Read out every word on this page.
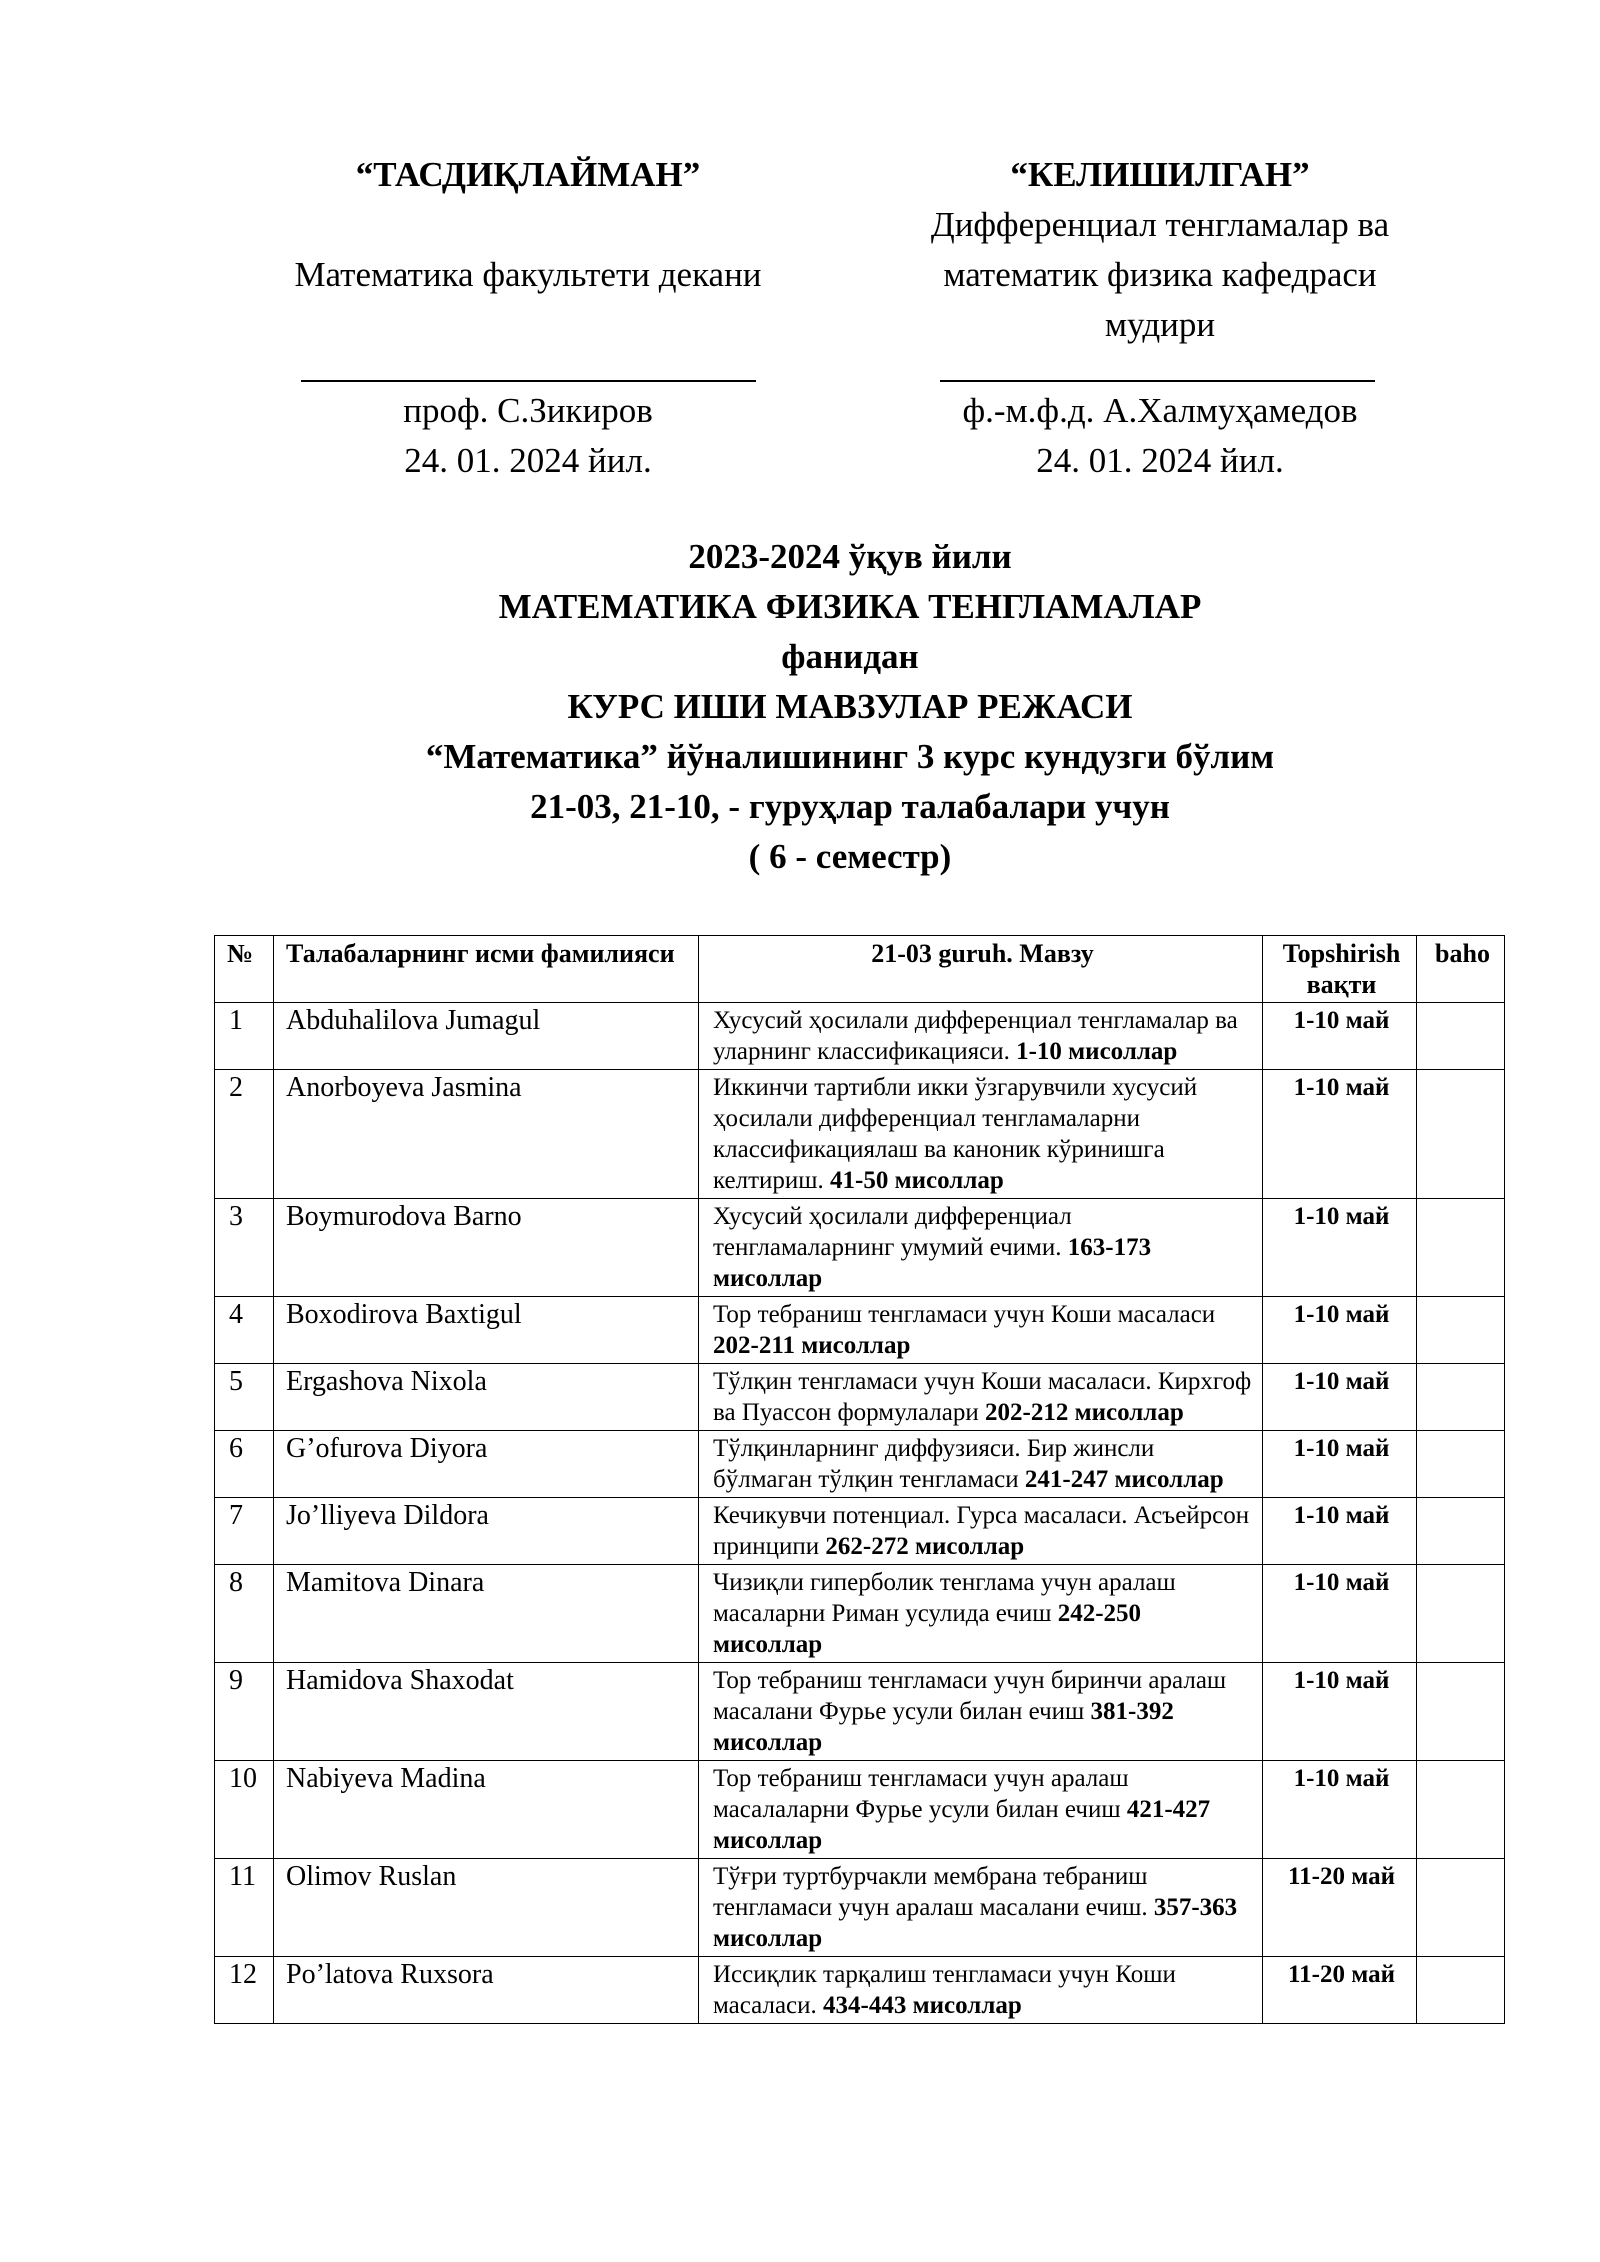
“ТАСДИҚЛАЙМАН”
Математика факультети декани
проф. С.Зикиров
24. 01. 2024 йил.
“КЕЛИШИЛГАН”
Дифференциал тенгламалар ва
математик физика кафедраси
мудири
ф.-м.ф.д. А.Халмуҳамедов
24. 01. 2024 йил.
2023-2024 ўқув йили
МАТЕМАТИКА ФИЗИКА ТЕНГЛАМАЛАР
фанидан
КУРС ИШИ МАВЗУЛАР РЕЖАСИ
“Математика” йўналишининг 3 курс кундузги бўлим
21-03, 21-10, - гуруҳлар талабалари учун
( 6 - семестр)
№	Талабаларнинг исми фамилияси	21-03 guruh. Мавзу	Topshirish вақти	baho
1	Abduhalilova Jumagul	Хусусий ҳосилали дифференциал тенгламалар ва уларнинг классификацияси. 1-10 мисоллар	1-10 май	
2	Anorboyeva Jasmina	Иккинчи тартибли икки ўзгарувчили хусусий ҳосилали дифференциал тенгламаларни классификациялаш ва каноник кўринишга келтириш. 41-50 мисоллар	1-10 май	
3	Boymurodova Barno	Хусусий ҳосилали дифференциал тенгламаларнинг умумий ечими. 163-173 мисоллар	1-10 май	
4	Boxodirova Baxtigul	Тор тебраниш тенгламаси учун Коши масаласи 202-211 мисоллар	1-10 май	
5	Ergashova Nixola	Тўлқин тенгламаси учун Коши масаласи. Кирхгоф ва Пуассон формулалари 202-212 мисоллар	1-10 май	
6	G’ofurova Diyora	Тўлқинларнинг диффузияси. Бир жинсли бўлмаган тўлқин тенгламаси 241-247 мисоллар	1-10 май	
7	Jo’lliyeva Dildora	Кечикувчи потенциал. Гурса масаласи. Асъейрсон принципи 262-272 мисоллар	1-10 май	
8	Mamitova Dinara	Чизиқли гиперболик тенглама учун аралаш масаларни Риман усулида ечиш 242-250 мисоллар	1-10 май	
9	Hamidova Shaxodat	Тор тебраниш тенгламаси учун биринчи аралаш масалани Фурье усули билан ечиш 381-392 мисоллар	1-10 май	
10	Nabiyeva Madina	Тор тебраниш тенгламаси учун аралаш масалаларни Фурье усули билан ечиш 421-427 мисоллар	1-10 май	
11	Olimov Ruslan	Тўғри туртбурчакли мембрана тебраниш тенгламаси учун аралаш масалани ечиш. 357-363 мисоллар	11-20 май	
12	Po’latova Ruxsora	Иссиқлик тарқалиш тенгламаси учун Коши масаласи. 434-443 мисоллар	11-20 май	
